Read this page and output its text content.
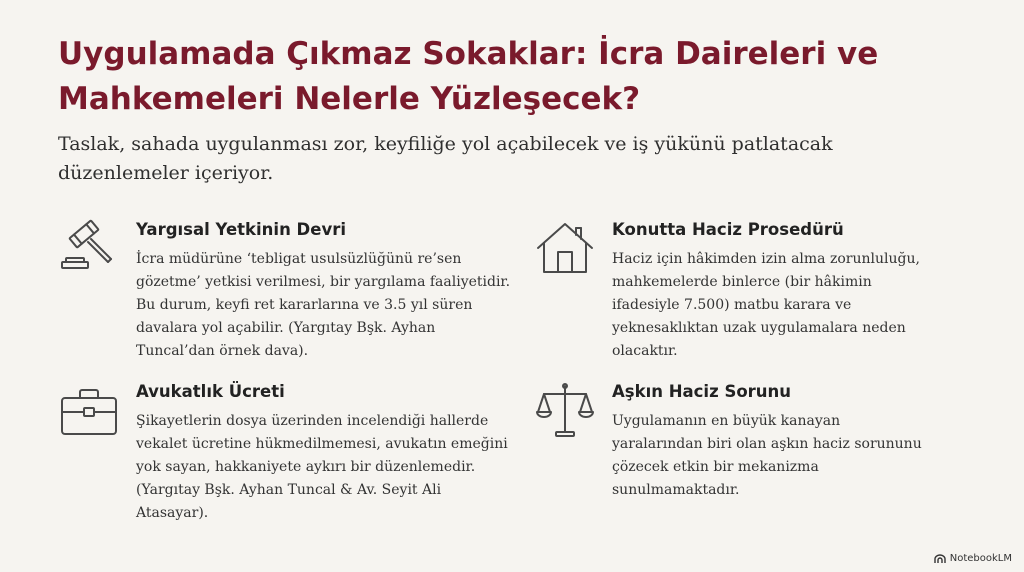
Uygulamada Çıkmaz Sokaklar: İcra Daireleri ve Mahkemeleri Nelerle Yüzleşecek?

Taslak, sahada uygulanması zor, keyfiliğe yol açabilecek ve iş yükünü patlatacak düzenlemeler içeriyor.

Yargısal Yetkinin Devri

İcra müdürüne ‘tebligat usulsüzlüğünü re’sen gözetme’ yetkisi verilmesi, bir yargılama faaliyetidir. Bu durum, keyfi ret kararlarına ve 3.5 yıl süren davalara yol açabilir. (Yargıtay Bşk. Ayhan Tuncal’dan örnek dava).

Konutta Haciz Prosedürü

Haciz için hâkimden izin alma zorunluluğu, mahkemelerde binlerce (bir hâkimin ifadesiyle 7.500) matbu karara ve yeknesaklıktan uzak uygulamalara neden olacaktır.

Avukatlık Ücreti

Şikayetlerin dosya üzerinden incelendiği hallerde vekalet ücretine hükmedilmemesi, avukatın emeğini yok sayan, hakkaniyete aykırı bir düzenlemedir. (Yargıtay Bşk. Ayhan Tuncal & Av. Seyit Ali Atasayar).

Aşkın Haciz Sorunu

Uygulamanın en büyük kanayan yaralarından biri olan aşkın haciz sorununu çözecek etkin bir mekanizma sunulmamaktadır.

NotebookLM
